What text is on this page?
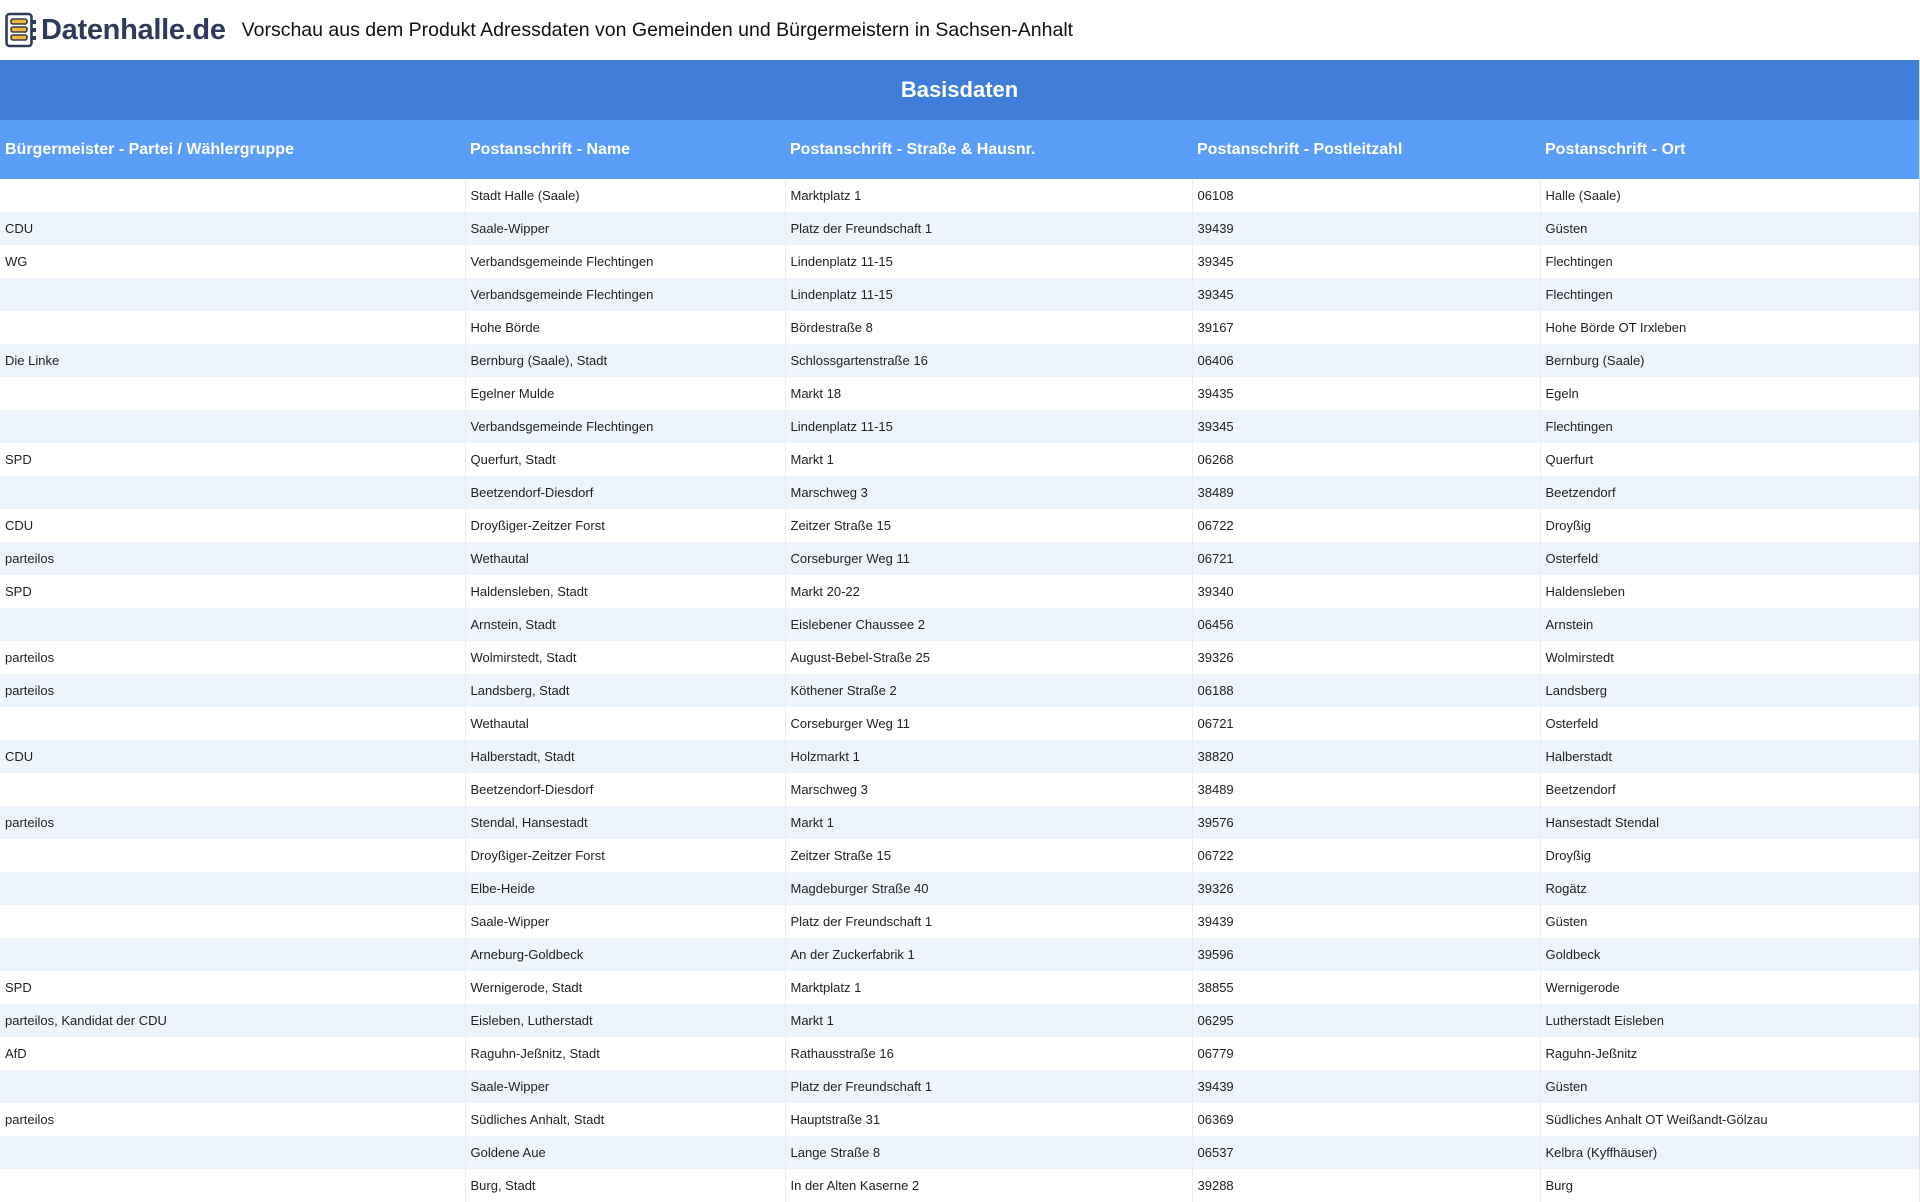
Datenhalle.de Vorschau aus dem Produkt Adressdaten von Gemeinden und Bürgermeistern in Sachsen-Anhalt
Basisdaten				
Bürgermeister - Partei / Wählergruppe	Postanschrift - Name	Postanschrift - Straße & Hausnr.	Postanschrift - Postleitzahl	Postanschrift - Ort
	Stadt Halle (Saale)	Marktplatz 1	06108	Halle (Saale)
CDU	Saale-Wipper	Platz der Freundschaft 1	39439	Güsten
WG	Verbandsgemeinde Flechtingen	Lindenplatz 11-15	39345	Flechtingen
	Verbandsgemeinde Flechtingen	Lindenplatz 11-15	39345	Flechtingen
	Hohe Börde	Bördestraße 8	39167	Hohe Börde OT Irxleben
Die Linke	Bernburg (Saale), Stadt	Schlossgartenstraße 16	06406	Bernburg (Saale)
	Egelner Mulde	Markt 18	39435	Egeln
	Verbandsgemeinde Flechtingen	Lindenplatz 11-15	39345	Flechtingen
SPD	Querfurt, Stadt	Markt 1	06268	Querfurt
	Beetzendorf-Diesdorf	Marschweg 3	38489	Beetzendorf
CDU	Droyßiger-Zeitzer Forst	Zeitzer Straße 15	06722	Droyßig
parteilos	Wethautal	Corseburger Weg 11	06721	Osterfeld
SPD	Haldensleben, Stadt	Markt 20-22	39340	Haldensleben
	Arnstein, Stadt	Eislebener Chaussee 2	06456	Arnstein
parteilos	Wolmirstedt, Stadt	August-Bebel-Straße 25	39326	Wolmirstedt
parteilos	Landsberg, Stadt	Köthener Straße 2	06188	Landsberg
	Wethautal	Corseburger Weg 11	06721	Osterfeld
CDU	Halberstadt, Stadt	Holzmarkt 1	38820	Halberstadt
	Beetzendorf-Diesdorf	Marschweg 3	38489	Beetzendorf
parteilos	Stendal, Hansestadt	Markt 1	39576	Hansestadt Stendal
	Droyßiger-Zeitzer Forst	Zeitzer Straße 15	06722	Droyßig
	Elbe-Heide	Magdeburger Straße 40	39326	Rogätz
	Saale-Wipper	Platz der Freundschaft 1	39439	Güsten
	Arneburg-Goldbeck	An der Zuckerfabrik 1	39596	Goldbeck
SPD	Wernigerode, Stadt	Marktplatz 1	38855	Wernigerode
parteilos, Kandidat der CDU	Eisleben, Lutherstadt	Markt 1	06295	Lutherstadt Eisleben
AfD	Raguhn-Jeßnitz, Stadt	Rathausstraße 16	06779	Raguhn-Jeßnitz
	Saale-Wipper	Platz der Freundschaft 1	39439	Güsten
parteilos	Südliches Anhalt, Stadt	Hauptstraße 31	06369	Südliches Anhalt OT Weißandt-Gölzau
	Goldene Aue	Lange Straße 8	06537	Kelbra (Kyffhäuser)
	Burg, Stadt	In der Alten Kaserne 2	39288	Burg
